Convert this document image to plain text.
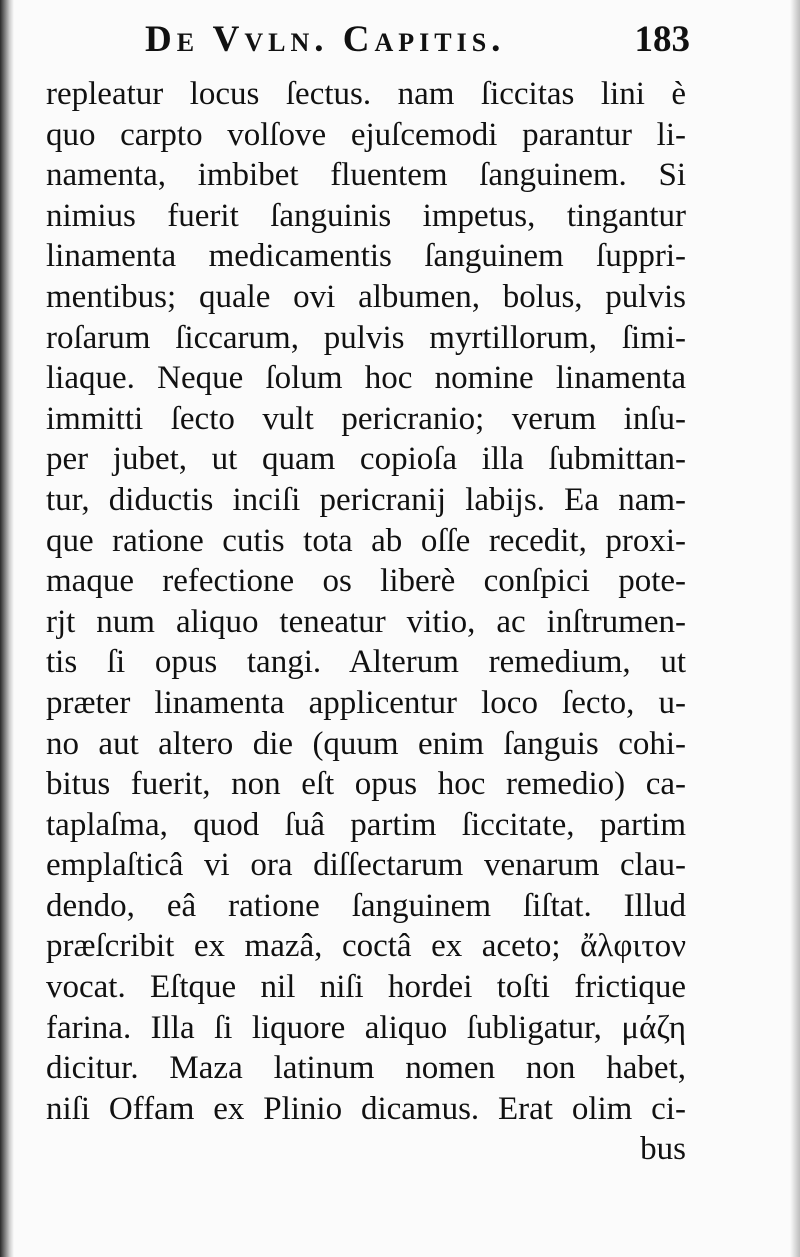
De Vvln. Capitis.	183
repleatur locus ſectus. nam ſiccitas lini è
quo carpto volſove ejuſcemodi parantur li-
namenta, imbibet fluentem ſanguinem. Si
nimius fuerit ſanguinis impetus, tingantur
linamenta medicamentis ſanguinem ſuppri-
mentibus; quale ovi albumen, bolus, pulvis
roſarum ſiccarum, pulvis myrtillorum, ſimi-
liaque. Neque ſolum hoc nomine linamenta
immitti ſecto vult pericranio; verum inſu-
per jubet, ut quam copioſa illa ſubmittan-
tur, diductis inciſi pericranij labijs. Ea nam-
que ratione cutis tota ab oſſe recedit, proxi-
maque refectione os liberè conſpici pote-
rjt num aliquo teneatur vitio, ac inſtrumen-
tis ſi opus tangi. Alterum remedium, ut
præter linamenta applicentur loco ſecto, u-
no aut altero die (quum enim ſanguis cohi-
bitus fuerit, non eſt opus hoc remedio) ca-
taplaſma, quod ſuâ partim ſiccitate, partim
emplaſticâ vi ora diſſectarum venarum clau-
dendo, eâ ratione ſanguinem ſiſtat. Illud
præſcribit ex mazâ, coctâ ex aceto; ἄλφιτον
vocat. Eſtque nil niſi hordei toſti frictique
farina. Illa ſi liquore aliquo ſubligatur, μάζη
dicitur. Maza latinum nomen non habet,
niſi Offam ex Plinio dicamus. Erat olim ci-
bus
